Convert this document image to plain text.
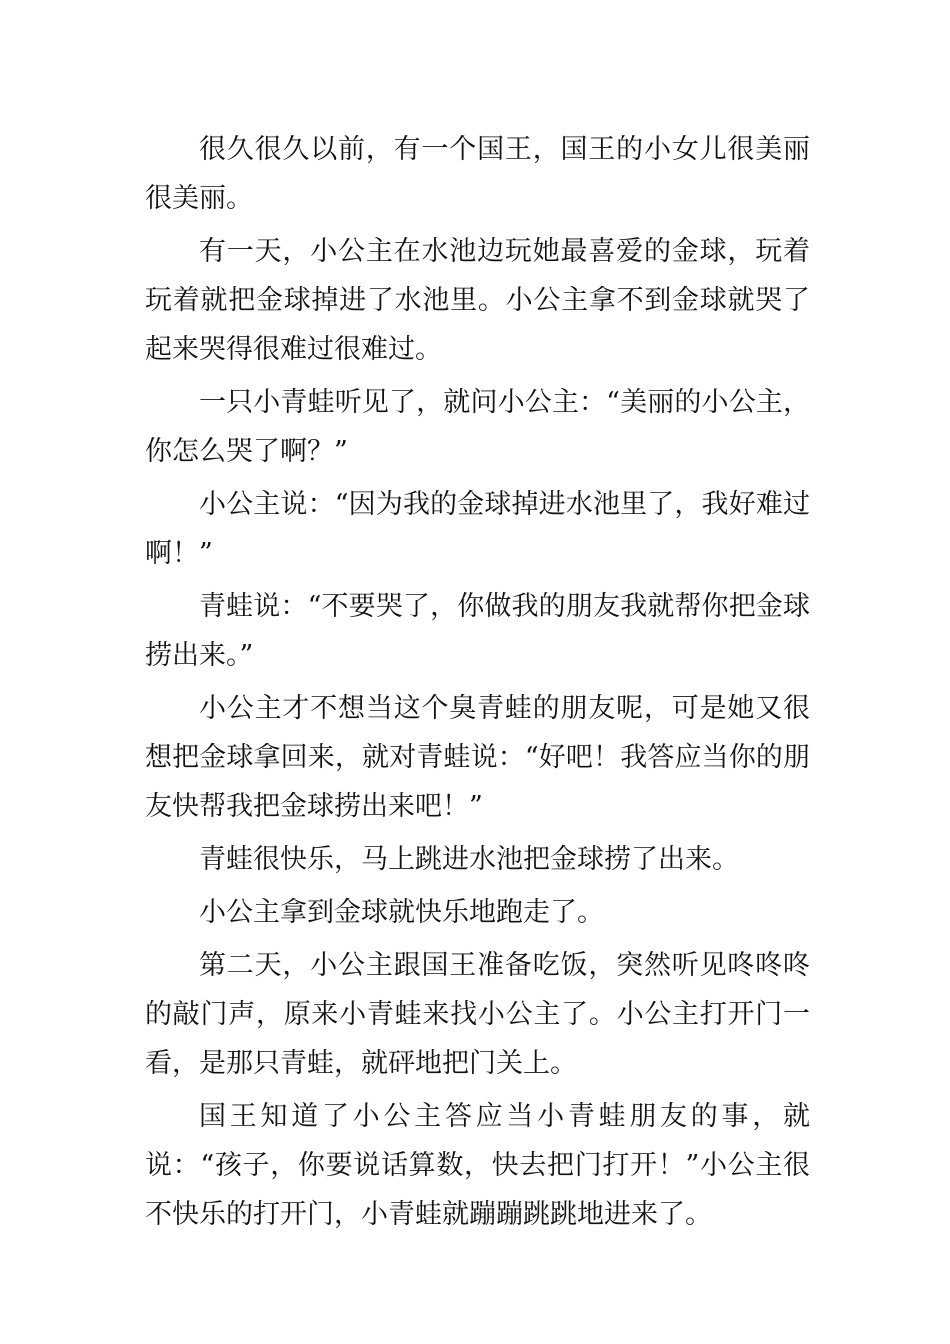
很久很久以前，有一个国王，国王的小女儿很美丽很美丽。

有一天，小公主在水池边玩她最喜爱的金球，玩着玩着就把金球掉进了水池里。小公主拿不到金球就哭了起来哭得很难过很难过。

一只小青蛙听见了，就问小公主：“美丽的小公主，你怎么哭了啊？”

小公主说：“因为我的金球掉进水池里了，我好难过啊！”

青蛙说：“不要哭了，你做我的朋友我就帮你把金球捞出来。”

小公主才不想当这个臭青蛙的朋友呢，可是她又很想把金球拿回来，就对青蛙说：“好吧！我答应当你的朋友快帮我把金球捞出来吧！”

青蛙很快乐，马上跳进水池把金球捞了出来。

小公主拿到金球就快乐地跑走了。

第二天，小公主跟国王准备吃饭，突然听见咚咚咚的敲门声，原来小青蛙来找小公主了。小公主打开门一看，是那只青蛙，就砰地把门关上。

国王知道了小公主答应当小青蛙朋友的事，就说：“孩子，你要说话算数，快去把门打开！”小公主很不快乐的打开门，小青蛙就蹦蹦跳跳地进来了。
